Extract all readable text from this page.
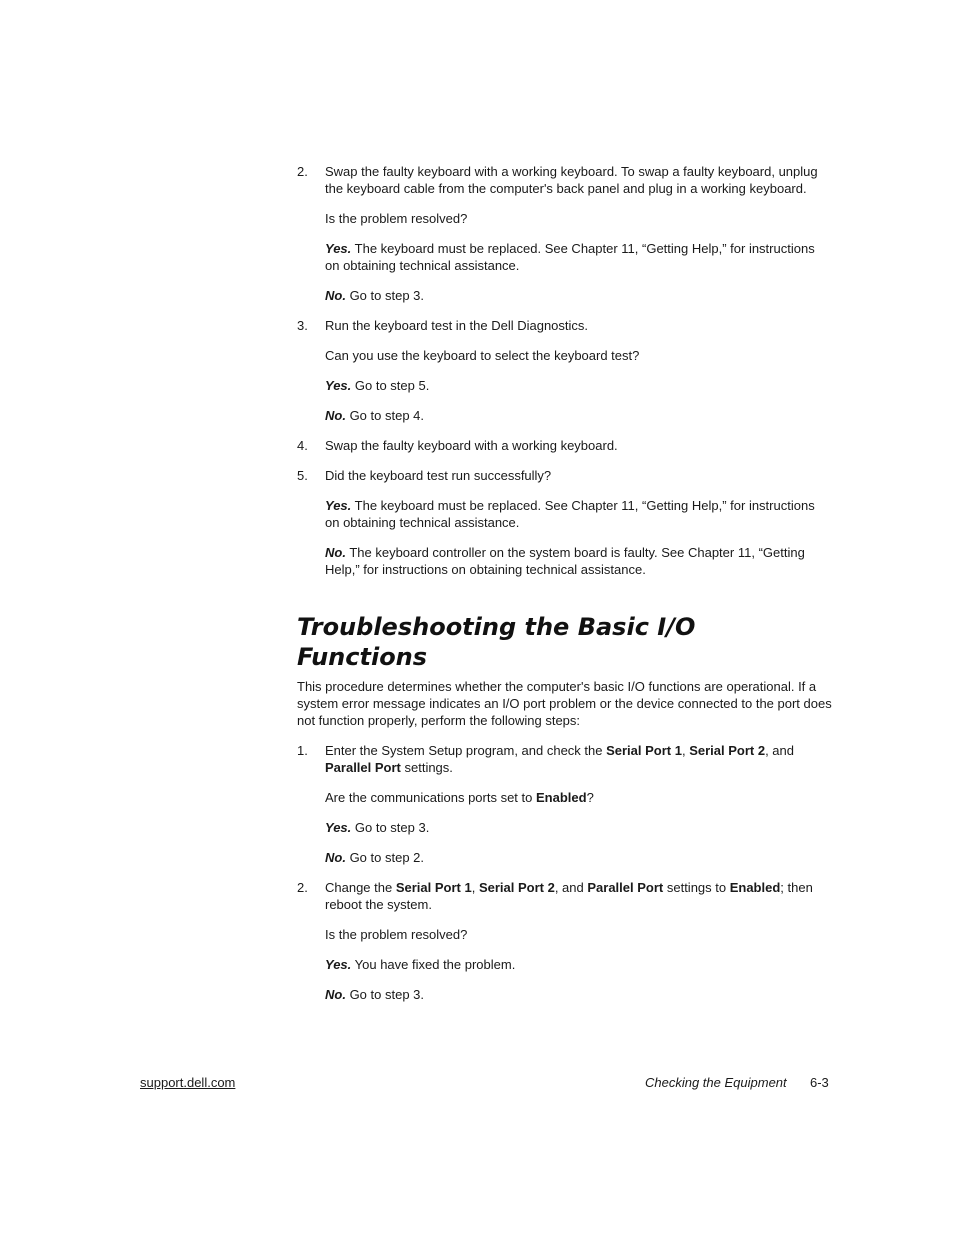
2. Swap the faulty keyboard with a working keyboard. To swap a faulty keyboard, unplug the keyboard cable from the computer's back panel and plug in a working keyboard.
Is the problem resolved?
Yes. The keyboard must be replaced. See Chapter 11, “Getting Help,” for instructions on obtaining technical assistance.
No. Go to step 3.
3. Run the keyboard test in the Dell Diagnostics.
Can you use the keyboard to select the keyboard test?
Yes. Go to step 5.
No. Go to step 4.
4. Swap the faulty keyboard with a working keyboard.
5. Did the keyboard test run successfully?
Yes. The keyboard must be replaced. See Chapter 11, “Getting Help,” for instructions on obtaining technical assistance.
No. The keyboard controller on the system board is faulty. See Chapter 11, “Getting Help,” for instructions on obtaining technical assistance.
Troubleshooting the Basic I/O Functions
This procedure determines whether the computer's basic I/O functions are operational. If a system error message indicates an I/O port problem or the device connected to the port does not function properly, perform the following steps:
1. Enter the System Setup program, and check the Serial Port 1, Serial Port 2, and Parallel Port settings.
Are the communications ports set to Enabled?
Yes. Go to step 3.
No. Go to step 2.
2. Change the Serial Port 1, Serial Port 2, and Parallel Port settings to Enabled; then reboot the system.
Is the problem resolved?
Yes. You have fixed the problem.
No. Go to step 3.
support.dell.com	Checking the Equipment 6-3
